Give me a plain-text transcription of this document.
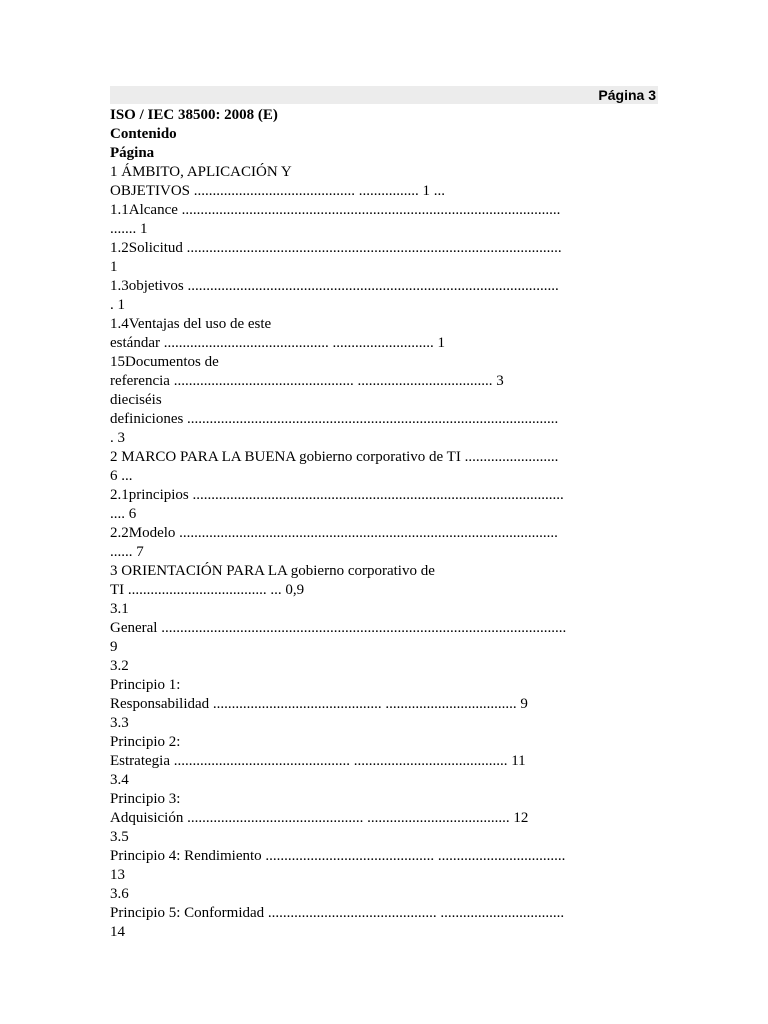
Página 3
ISO / IEC 38500: 2008 (E)
Contenido
Página
1 ÁMBITO, APLICACIÓN Y
OBJETIVOS ........................................... ................ 1 ...
1.1Alcance .....................................................................................................
....... 1
1.2Solicitud ....................................................................................................
1
1.3objetivos ...................................................................................................
. 1
1.4Ventajas del uso de este
estándar ............................................ ........................... 1
15Documentos de
referencia ................................................ .................................... 3
dieciséis
definiciones ...................................................................................................
. 3
2 MARCO PARA LA BUENA gobierno corporativo de TI .........................
6 ...
2.1principios ...................................................................................................
.... 6
2.2Modelo .....................................................................................................
...... 7
3 ORIENTACIÓN PARA LA gobierno corporativo de
TI ..................................... ... 0,9
3.1
General ............................................................................................................
9
3.2
Principio 1:
Responsabilidad ............................................. ................................... 9
3.3
Principio 2:
Estrategia ............................................... ......................................... 11
3.4
Principio 3:
Adquisición ............................................... ...................................... 12
3.5
Principio 4: Rendimiento ............................................. ..................................
13
3.6
Principio 5: Conformidad ............................................. .................................
14
